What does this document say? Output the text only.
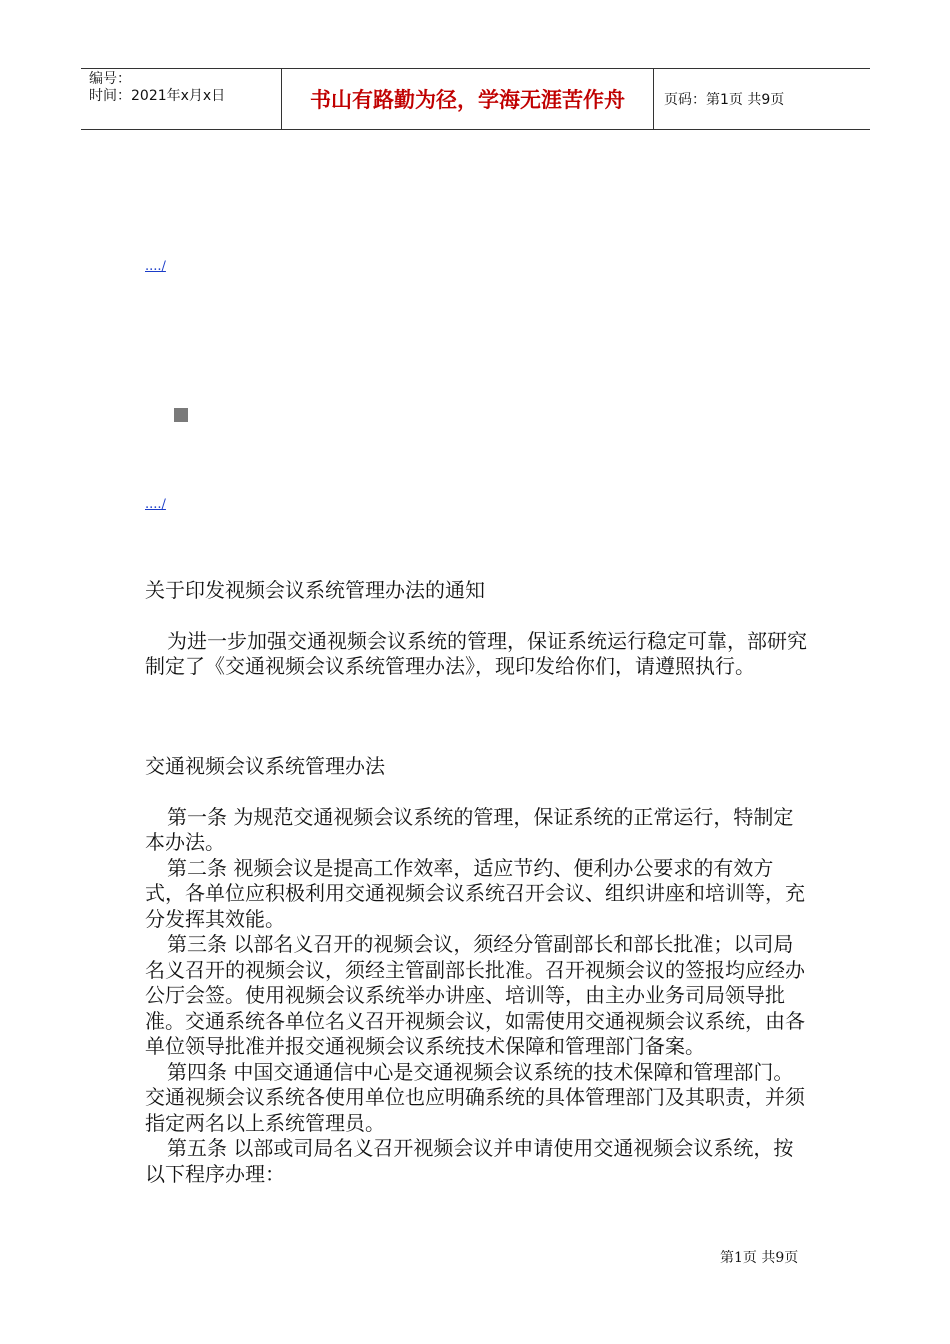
编号：
时间：2021年x月x日	书山有路勤为径，学海无涯苦作舟	页码：第1页 共9页
..../
..../

关于印发视频会议系统管理办法的通知

为进一步加强交通视频会议系统的管理，保证系统运行稳定可靠，部研究制定了《交通视频会议系统管理办法》，现印发给你们，请遵照执行。

交通视频会议系统管理办法

第一条 为规范交通视频会议系统的管理，保证系统的正常运行，特制定本办法。

第二条 视频会议是提高工作效率，适应节约、便利办公要求的有效方式，各单位应积极利用交通视频会议系统召开会议、组织讲座和培训等，充分发挥其效能。

第三条 以部名义召开的视频会议，须经分管副部长和部长批准；以司局名义召开的视频会议，须经主管副部长批准。召开视频会议的签报均应经办公厅会签。使用视频会议系统举办讲座、培训等，由主办业务司局领导批准。交通系统各单位名义召开视频会议，如需使用交通视频会议系统，由各单位领导批准并报交通视频会议系统技术保障和管理部门备案。

第四条 中国交通通信中心是交通视频会议系统的技术保障和管理部门。交通视频会议系统各使用单位也应明确系统的具体管理部门及其职责，并须指定两名以上系统管理员。

第五条 以部或司局名义召开视频会议并申请使用交通视频会议系统，按以下程序办理：

第1页 共9页
